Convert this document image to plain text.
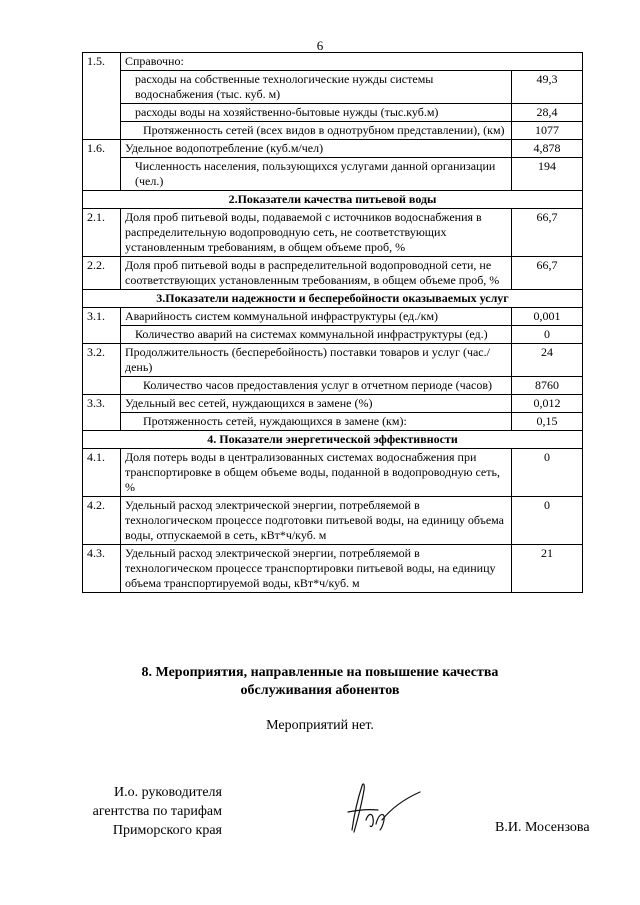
6
1.5.	Справочно:	
	расходы на собственные технологические нужды системы водоснабжения (тыс. куб. м)	49,3
	расходы воды на хозяйственно-бытовые нужды (тыс.куб.м)	28,4
	Протяженность сетей (всех видов в однотрубном представлении), (км)	1077
1.6.	Удельное водопотребление (куб.м/чел)	4,878
	Численность населения, пользующихся услугами данной организации (чел.)	194
2.Показатели качества питьевой воды		
2.1.	Доля проб питьевой воды, подаваемой с источников водоснабжения в распределительную водопроводную сеть, не соответствующих установленным требованиям, в общем объеме проб, %	66,7
2.2.	Доля проб питьевой воды в распределительной водопроводной сети, не соответствующих установленным требованиям, в общем объеме проб, %	66,7
3.Показатели надежности и бесперебойности оказываемых услуг		
3.1.	Аварийность систем коммунальной инфраструктуры (ед./км)	0,001
	Количество аварий на системах коммунальной инфраструктуры (ед.)	0
3.2.	Продолжительность (бесперебойность) поставки товаров и услуг (час./день)	24
	Количество часов предоставления услуг в отчетном периоде (часов)	8760
3.3.	Удельный вес сетей, нуждающихся в замене (%)	0,012
	Протяженность сетей, нуждающихся в замене (км):	0,15
4. Показатели энергетической эффективности		
4.1.	Доля потерь воды в централизованных системах водоснабжения при транспортировке в общем объеме воды, поданной в водопроводную сеть, %	0
4.2.	Удельный расход электрической энергии, потребляемой в технологическом процессе подготовки питьевой воды, на единицу объема воды, отпускаемой в сеть, кВт*ч/куб. м	0
4.3.	Удельный расход электрической энергии, потребляемой в технологическом процессе транспортировки питьевой воды, на единицу объема транспортируемой воды, кВт*ч/куб. м	21
8. Мероприятия, направленные на повышение качества
обслуживания абонентов
Мероприятий нет.
И.о. руководителя
агентства по тарифам
Приморского края	В.И. Мосензова
